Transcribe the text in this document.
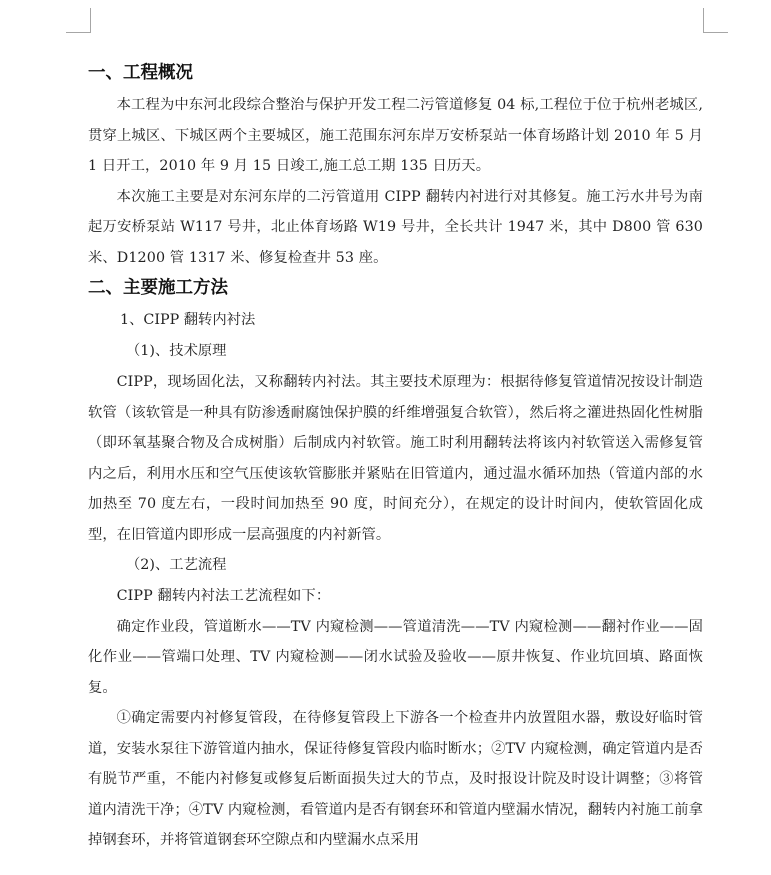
一、工程概况

本工程为中东河北段综合整治与保护开发工程二污管道修复 04 标,工程位于位于杭州老城区,贯穿上城区、下城区两个主要城区，施工范围东河东岸万安桥泵站一体育场路计划 2010 年 5 月 1 日开工，2010 年 9 月 15 日竣工,施工总工期 135 日历天。

本次施工主要是对东河东岸的二污管道用 CIPP 翻转内衬进行对其修复。施工污水井号为南起万安桥泵站 W117 号井，北止体育场路 W19 号井，全长共计 1947 米，其中 D800 管 630 米、D1200 管 1317 米、修复检查井 53 座。

二、主要施工方法

1、CIPP 翻转内衬法

（1)、技术原理

CIPP，现场固化法，又称翻转内衬法。其主要技术原理为：根据待修复管道情况按设计制造软管（该软管是一种具有防渗透耐腐蚀保护膜的纤维增强复合软管），然后将之灌进热固化性树脂（即环氧基聚合物及合成树脂）后制成内衬软管。施工时利用翻转法将该内衬软管送入需修复管内之后，利用水压和空气压使该软管膨胀并紧贴在旧管道内，通过温水循环加热（管道内部的水加热至 70 度左右，一段时间加热至 90 度，时间充分），在规定的设计时间内，使软管固化成型，在旧管道内即形成一层高强度的内衬新管。

（2)、工艺流程

CIPP 翻转内衬法工艺流程如下：

确定作业段，管道断水——TV 内窥检测——管道清洗——TV 内窥检测——翻衬作业——固化作业——管端口处理、TV 内窥检测——闭水试验及验收——原井恢复、作业坑回填、路面恢复。

①确定需要内衬修复管段，在待修复管段上下游各一个检查井内放置阻水器，敷设好临时管道，安装水泵往下游管道内抽水，保证待修复管段内临时断水；②TV 内窥检测，确定管道内是否有脱节严重，不能内衬修复或修复后断面损失过大的节点，及时报设计院及时设计调整；③将管道内清洗干净；④TV 内窥检测，看管道内是否有钢套环和管道内壁漏水情况，翻转内衬施工前拿掉钢套环，并将管道钢套环空隙点和内壁漏水点采用
